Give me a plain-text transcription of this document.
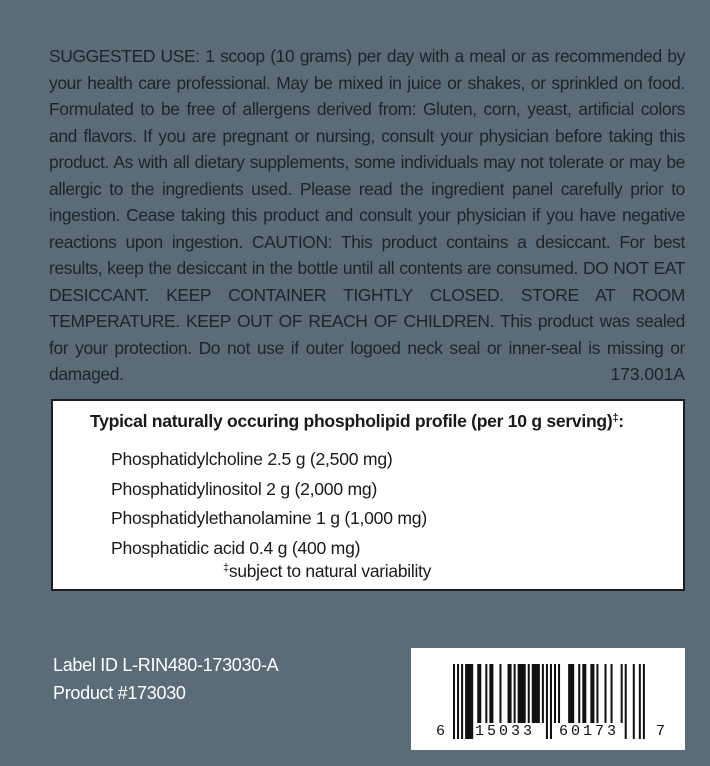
SUGGESTED USE: 1 scoop (10 grams) per day with a meal or as recommended by your health care professional. May be mixed in juice or shakes, or sprinkled on food. Formulated to be free of allergens derived from: Gluten, corn, yeast, artificial colors and flavors. If you are pregnant or nursing, consult your physician before taking this product. As with all dietary supplements, some individuals may not tolerate or may be allergic to the ingredients used. Please read the ingredient panel carefully prior to ingestion. Cease taking this product and consult your physician if you have negative reactions upon ingestion. CAUTION: This product contains a desiccant. For best results, keep the desiccant in the bottle until all contents are consumed. DO NOT EAT DESICCANT. KEEP CONTAINER TIGHTLY CLOSED. STORE AT ROOM TEMPERATURE. KEEP OUT OF REACH OF CHILDREN. This product was sealed for your protection. Do not use if outer logoed neck seal or inner-seal is missing or damaged.	173.001A

Typical naturally occuring phospholipid profile (per 10 g serving)‡:
Phosphatidylcholine 2.5 g (2,500 mg)
Phosphatidylinositol 2 g (2,000 mg)
Phosphatidylethanolamine 1 g (1,000 mg)
Phosphatidic acid 0.4 g (400 mg)
‡subject to natural variability
Label ID L-RIN480-173030-A
Product #173030
6 15033 60173 7
